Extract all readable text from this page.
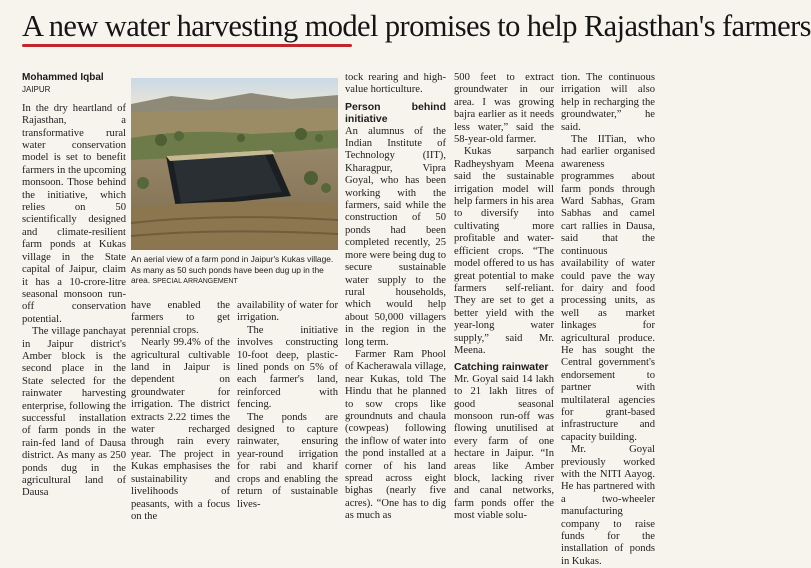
A new water harvesting model promises to help Rajasthan's farmers

Mohammed Iqbal

JAIPUR

In the dry heartland of Rajasthan, a transformative rural water conservation model is set to benefit farmers in the upcoming monsoon. Those behind the initiative, which relies on 50 scientifically designed and climate-resilient farm ponds at Kukas village in the State capital of Jaipur, claim it has a 10-crore-litre seasonal monsoon run-off conservation potential.

The village panchayat in Jaipur district's Amber block is the second place in the State selected for the rainwater harvesting enterprise, following the successful installation of farm ponds in the rain-fed land of Dausa district. As many as 250 ponds dug in the agricultural land of Dausa

An aerial view of a farm pond in Jaipur's Kukas village. As many as 50 such ponds have been dug up in the area. SPECIAL ARRANGEMENT

have enabled the farmers to get perennial crops.

Nearly 99.4% of the agricultural cultivable land in Jaipur is dependent on groundwater for irrigation. The district extracts 2.22 times the water recharged through rain every year. The project in Kukas emphasises the sustainability and livelihoods of peasants, with a focus on the

availability of water for irrigation.

The initiative involves constructing 10-foot deep, plastic-lined ponds on 5% of each farmer's land, reinforced with fencing.

The ponds are designed to capture rainwater, ensuring year-round irrigation for rabi and kharif crops and enabling the return of sustainable lives-

tock rearing and high-value horticulture.

Person behind initiative

An alumnus of the Indian Institute of Technology (IIT), Kharagpur, Vipra Goyal, who has been working with the farmers, said while the construction of 50 ponds had been completed recently, 25 more were being dug to secure sustainable water supply to the rural households, which would help about 50,000 villagers in the region in the long term.

Farmer Ram Phool of Kacherawala village, near Kukas, told The Hindu that he planned to sow crops like groundnuts and chaula (cowpeas) following the inflow of water into the pond installed at a corner of his land spread across eight bighas (nearly five acres). “One has to dig as much as

500 feet to extract groundwater in our area. I was growing bajra earlier as it needs less water,” said the 58-year-old farmer.

Kukas sarpanch Radheyshyam Meena said the sustainable irrigation model will help farmers in his area to diversify into cultivating more profitable and water-efficient crops. “The model offered to us has great potential to make farmers self-reliant. They are set to get a better yield with the year-long water supply,” said Mr. Meena.

Catching rainwater

Mr. Goyal said 14 lakh to 21 lakh litres of good seasonal monsoon run-off was flowing unutilised at every farm of one hectare in Jaipur. “In areas like Amber block, lacking river and canal networks, farm ponds offer the most viable solu-

tion. The continuous irrigation will also help in recharging the groundwater,” he said.

The IITian, who had earlier organised awareness programmes about farm ponds through Ward Sabhas, Gram Sabhas and camel cart rallies in Dausa, said that the continuous availability of water could pave the way for dairy and food processing units, as well as market linkages for agricultural produce. He has sought the Central government's endorsement to partner with multilateral agencies for grant-based infrastructure and capacity building.

Mr. Goyal previously worked with the NITI Aayog. He has partnered with a two-wheeler manufacturing company to raise funds for the installation of ponds in Kukas.
